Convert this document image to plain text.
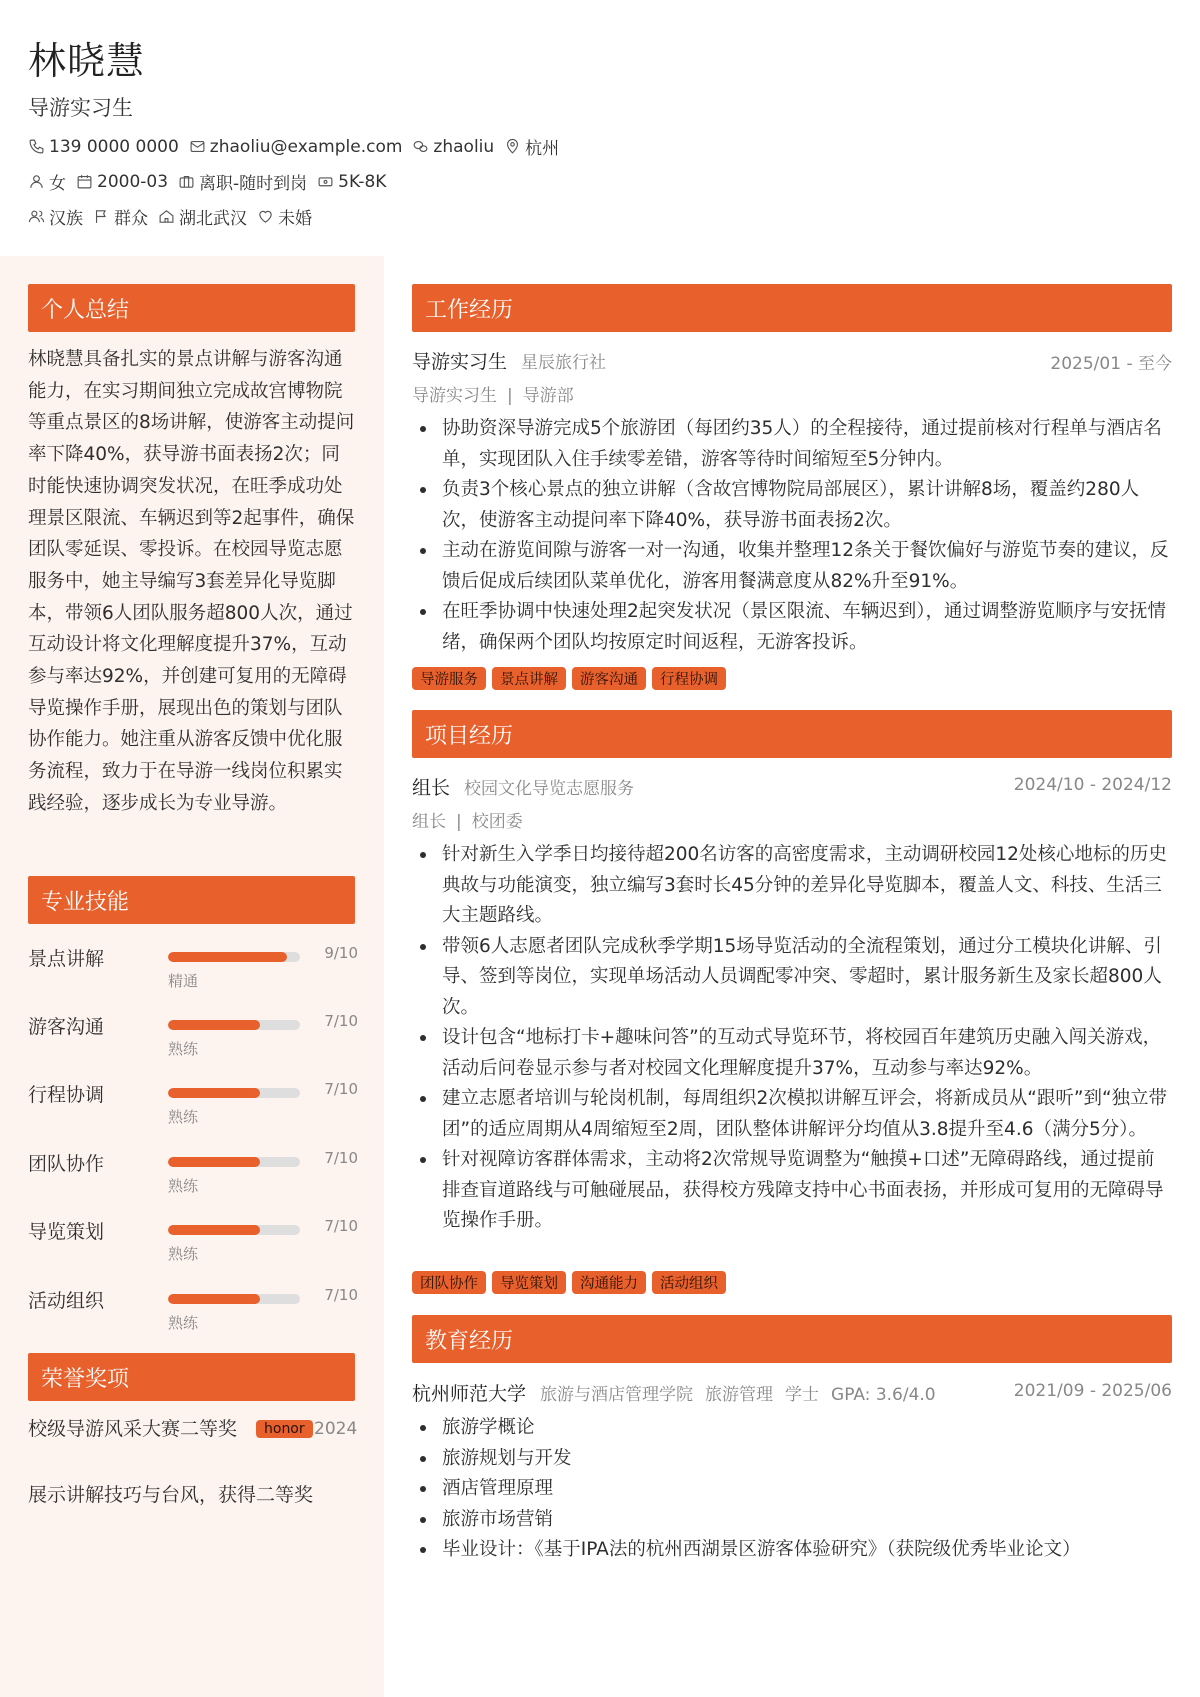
林晓慧
导游实习生
139 0000 0000 zhaoliu@example.com zhaoliu 杭州
女 2000-03 离职-随时到岗 5K-8K
汉族 群众 湖北武汉 未婚
个人总结
林晓慧具备扎实的景点讲解与游客沟通能力，在实习期间独立完成故宫博物院等重点景区的8场讲解，使游客主动提问率下降40%，获导游书面表扬2次；同时能快速协调突发状况，在旺季成功处理景区限流、车辆迟到等2起事件，确保团队零延误、零投诉。在校园导览志愿服务中，她主导编写3套差异化导览脚本，带领6人团队服务超800人次，通过互动设计将文化理解度提升37%，互动参与率达92%，并创建可复用的无障碍导览操作手册，展现出色的策划与团队协作能力。她注重从游客反馈中优化服务流程，致力于在导游一线岗位积累实践经验，逐步成长为专业导游。
专业技能
景点讲解	9/10
精通
游客沟通	7/10
熟练
行程协调	7/10
熟练
团队协作	7/10
熟练
导览策划	7/10
熟练
活动组织	7/10
熟练
荣誉奖项
校级导游风采大赛二等奖	honor 2024
展示讲解技巧与台风，获得二等奖
工作经历
导游实习生 星辰旅行社	2025/01 - 至今
导游实习生 | 导游部
协助资深导游完成5个旅游团（每团约35人）的全程接待，通过提前核对行程单与酒店名单，实现团队入住手续零差错，游客等待时间缩短至5分钟内。
负责3个核心景点的独立讲解（含故宫博物院局部展区），累计讲解8场，覆盖约280人次，使游客主动提问率下降40%，获导游书面表扬2次。
主动在游览间隙与游客一对一沟通，收集并整理12条关于餐饮偏好与游览节奏的建议，反馈后促成后续团队菜单优化，游客用餐满意度从82%升至91%。
在旺季协调中快速处理2起突发状况（景区限流、车辆迟到），通过调整游览顺序与安抚情绪，确保两个团队均按原定时间返程，无游客投诉。
导游服务	景点讲解	游客沟通	行程协调
项目经历
组长 校园文化导览志愿服务	2024/10 - 2024/12
组长 | 校团委
针对新生入学季日均接待超200名访客的高密度需求，主动调研校园12处核心地标的历史典故与功能演变，独立编写3套时长45分钟的差异化导览脚本，覆盖人文、科技、生活三大主题路线。
带领6人志愿者团队完成秋季学期15场导览活动的全流程策划，通过分工模块化讲解、引导、签到等岗位，实现单场活动人员调配零冲突、零超时，累计服务新生及家长超800人次。
设计包含“地标打卡+趣味问答”的互动式导览环节，将校园百年建筑历史融入闯关游戏，活动后问卷显示参与者对校园文化理解度提升37%，互动参与率达92%。
建立志愿者培训与轮岗机制，每周组织2次模拟讲解互评会，将新成员从“跟听”到“独立带团”的适应周期从4周缩短至2周，团队整体讲解评分均值从3.8提升至4.6（满分5分）。
针对视障访客群体需求，主动将2次常规导览调整为“触摸+口述”无障碍路线，通过提前排查盲道路线与可触碰展品，获得校方残障支持中心书面表扬，并形成可复用的无障碍导览操作手册。
团队协作	导览策划	沟通能力	活动组织
教育经历
杭州师范大学 旅游与酒店管理学院 旅游管理 学士 GPA: 3.6/4.0	2021/09 - 2025/06
旅游学概论
旅游规划与开发
酒店管理原理
旅游市场营销
毕业设计：《基于IPA法的杭州西湖景区游客体验研究》（获院级优秀毕业论文）
